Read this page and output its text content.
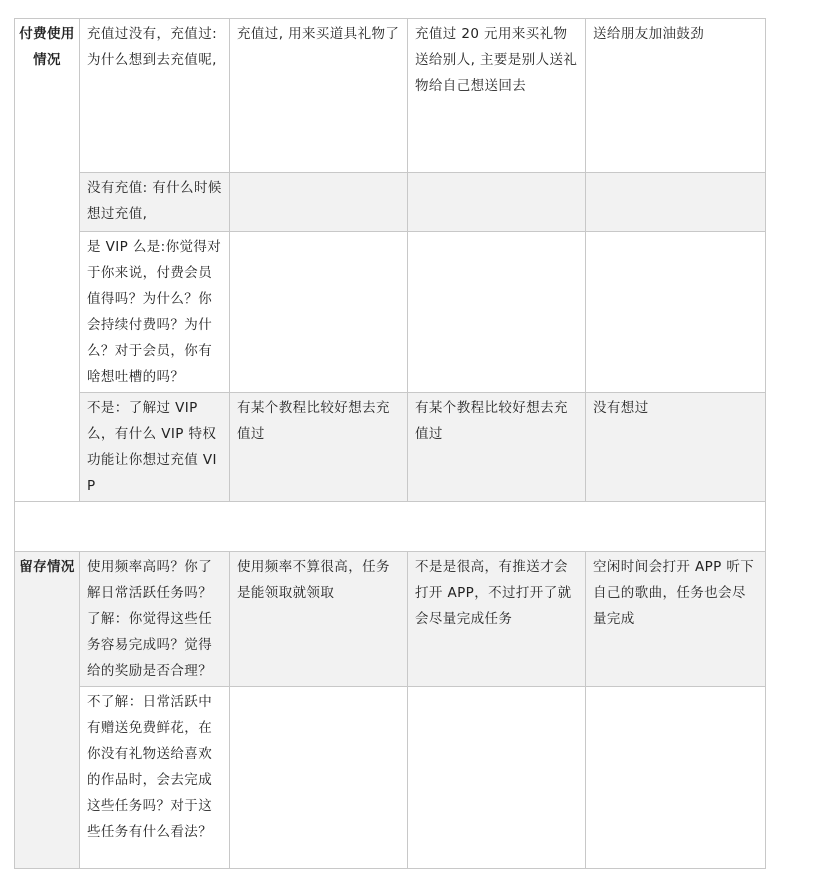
付费使用情况	充值过没有，充值过:为什么想到去充值呢,	充值过, 用来买道具礼物了	充值过 20 元用来买礼物送给别人, 主要是别人送礼物给自己想送回去	送给朋友加油鼓劲
	没有充值: 有什么时候想过充值,			
	是 VIP 么是:你觉得对于你来说，付费会员值得吗？为什么？你会持续付费吗？为什么？对于会员，你有啥想吐槽的吗？			
	不是：了解过 VIP 么，有什么 VIP 特权功能让你想过充值 VIP	有某个教程比较好想去充值过	有某个教程比较好想去充值过	没有想过

留存情况	使用频率高吗？你了解日常活跃任务吗？了解：你觉得这些任务容易完成吗？觉得给的奖励是否合理？	使用频率不算很高，任务是能领取就领取	不是是很高，有推送才会打开 APP，不过打开了就会尽量完成任务	空闲时间会打开 APP 听下自己的歌曲，任务也会尽量完成
	不了解：日常活跃中有赠送免费鲜花，在你没有礼物送给喜欢的作品时，会去完成这些任务吗？对于这些任务有什么看法？			
